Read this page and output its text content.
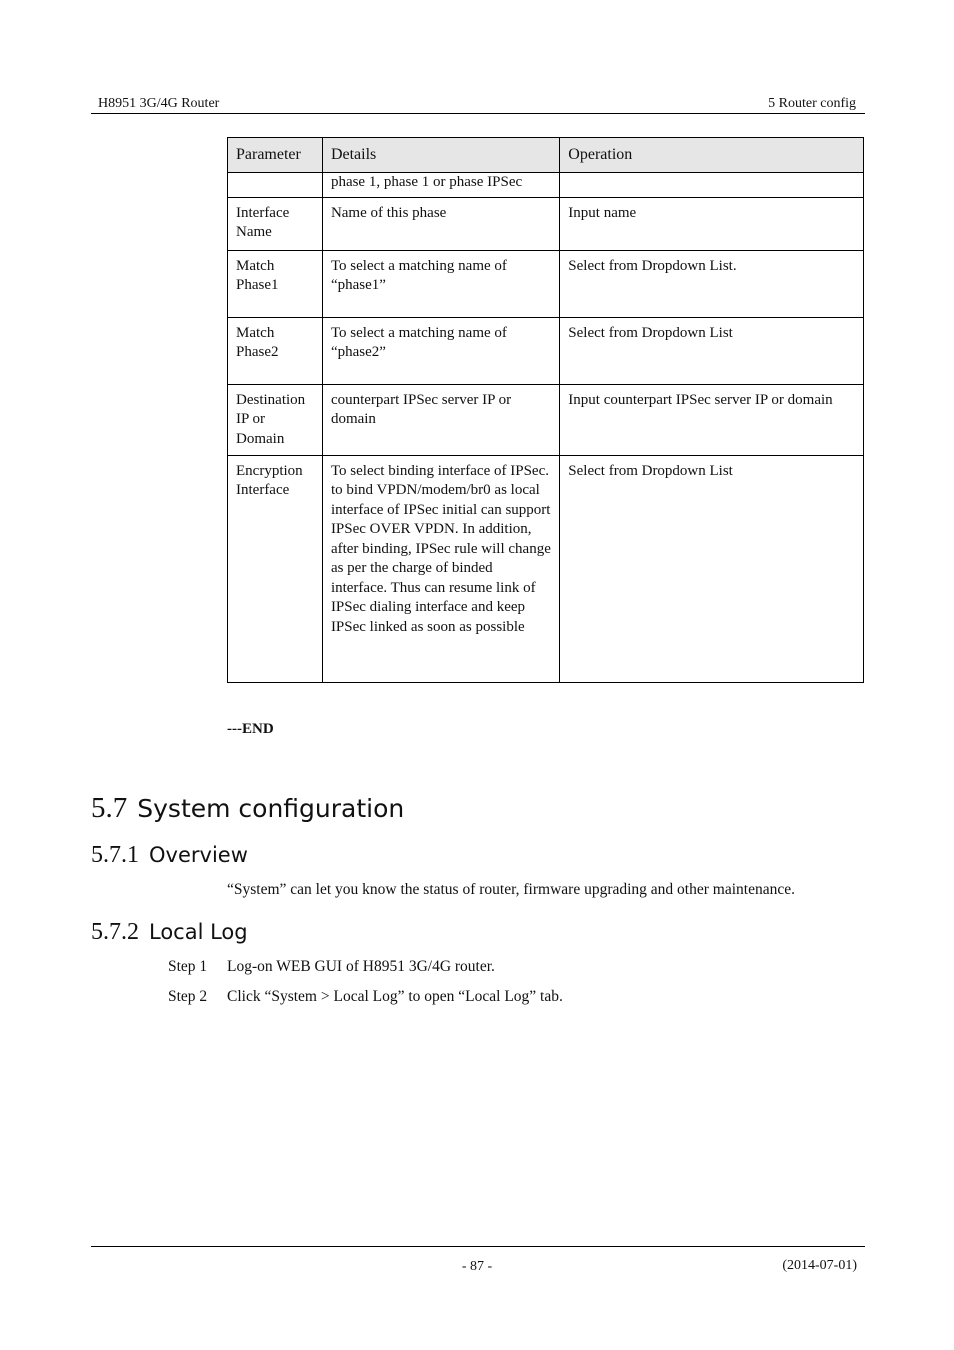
H8951 3G/4G Router	5 Router config
Parameter	Details	Operation
	phase 1, phase 1 or phase IPSec	
Interface Name	Name of this phase	Input name
Match Phase1	To select a matching name of “phase1”	Select from Dropdown List.
Match Phase2	To select a matching name of “phase2”	Select from Dropdown List
Destination IP or Domain	counterpart IPSec server IP or domain	Input counterpart IPSec server IP or domain
Encryption Interface	To select binding interface of IPSec. to bind VPDN/modem/br0 as local interface of IPSec initial can support IPSec OVER VPDN. In addition, after binding, IPSec rule will change as per the charge of binded interface. Thus can resume link of IPSec dialing interface and keep IPSec linked as soon as possible	Select from Dropdown List
---END
5.7 System configuration
5.7.1 Overview
“System” can let you know the status of router, firmware upgrading and other maintenance.
5.7.2 Local Log
Step 1 Log-on WEB GUI of H8951 3G/4G router.
Step 2 Click “System > Local Log” to open “Local Log” tab.
- 87 -	(2014-07-01)
